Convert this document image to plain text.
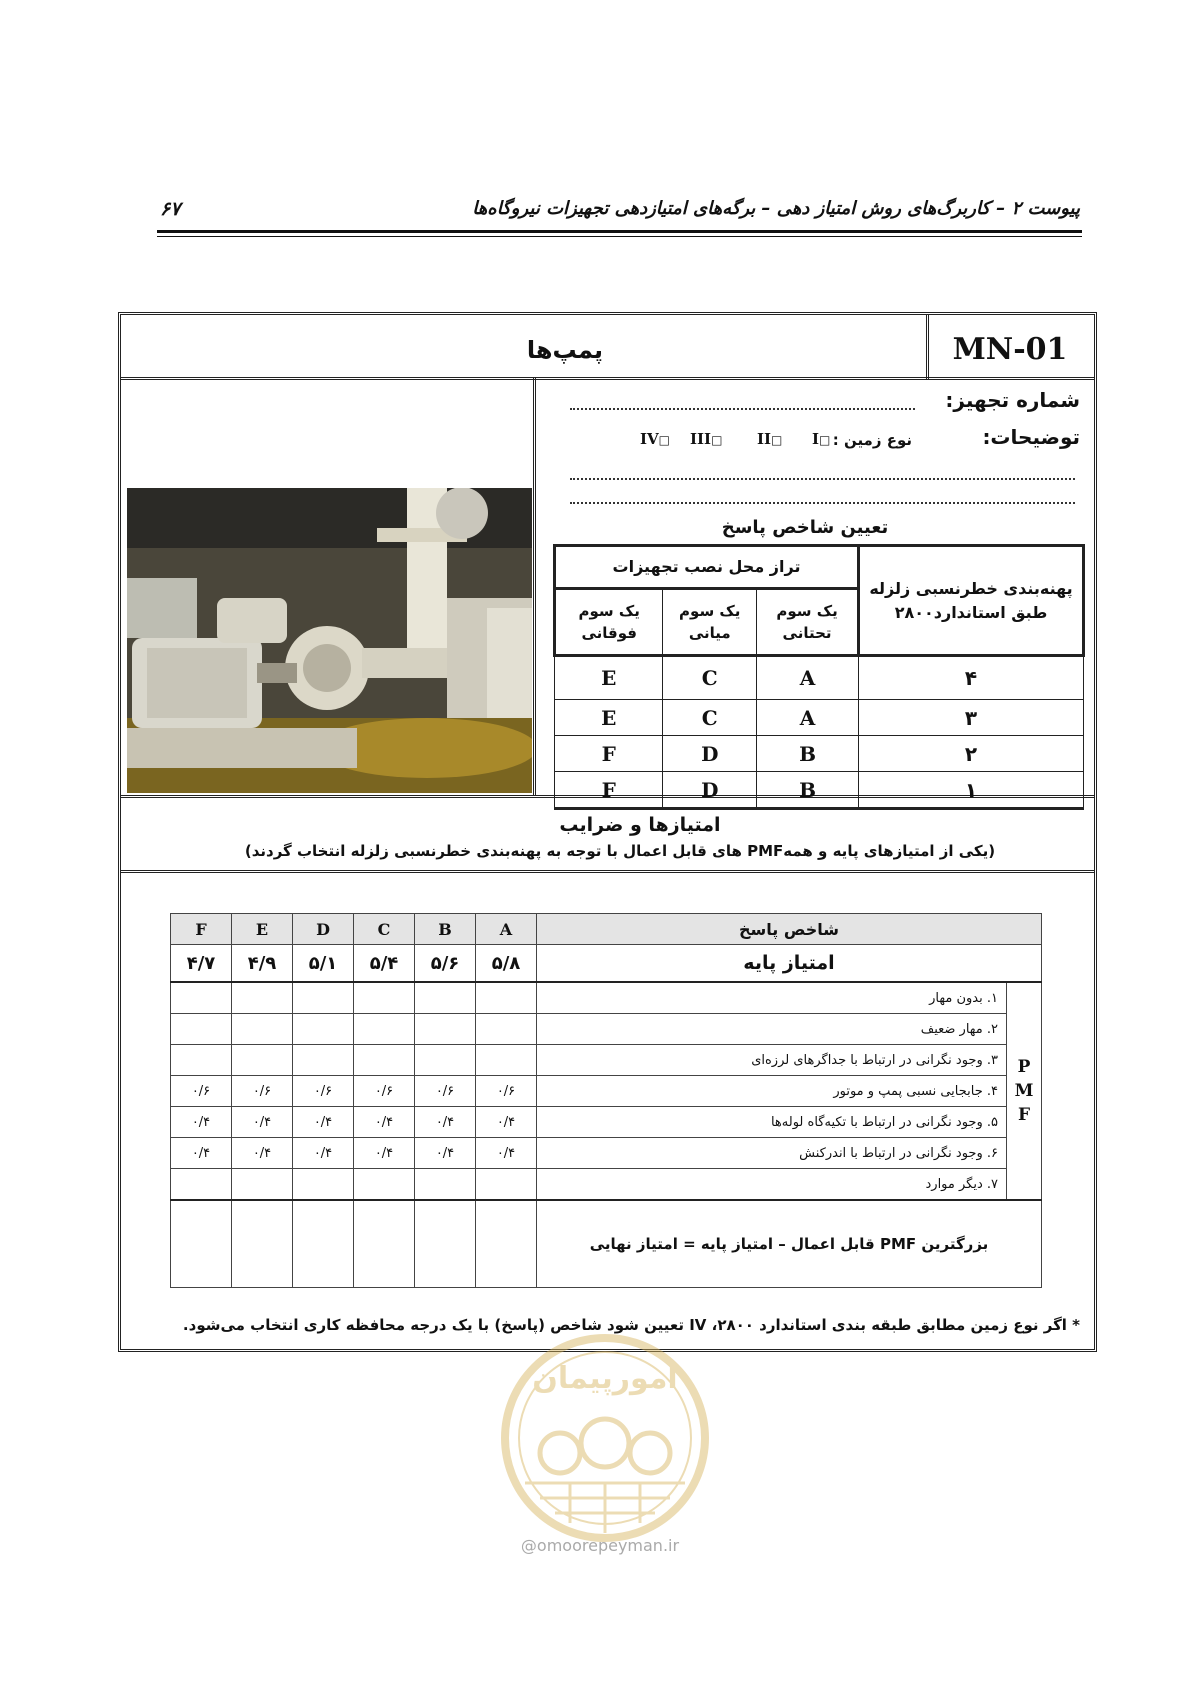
پیوست ۲ – کاربرگ‌های روش امتیاز دهی – برگه‌های امتیازدهی تجهیزات نیروگاه‌ها
۶۷
MN-01
پمپ‌ها
شماره تجهیز:
توضیحات:
نوع زمین :
I□
II□
III□
IV□
تعیین شاخص پاسخ
پهنه‌بندی خطرنسبی زلزله طبق استاندارد۲۸۰۰	تراز محل نصب تجهیزات		
	یک سوم تحتانی	یک سوم میانی	یک سوم فوقانی
۴	A	C	E
۳	A	C	E
۲	B	D	F
۱	B	D	F
امتیازها و ضرایب
(یکی از امتیازهای پایه و همهPMF های قابل اعمال با توجه به پهنه‌بندی خطرنسبی زلزله انتخاب گردند)
شاخص پاسخ		A	B	C	D	E	F
امتیاز پایه		۵/۸	۵/۶	۵/۴	۵/۱	۴/۹	۴/۷
P M F	۱. بدون مهار						
	۲. مهار ضعیف						
	۳. وجود نگرانی در ارتباط با جداگرهای لرزه‌ای						
	۴. جابجایی نسبی پمپ و موتور	۰/۶	۰/۶	۰/۶	۰/۶	۰/۶	۰/۶
	۵. وجود نگرانی در ارتباط با تکیه‌گاه لوله‌ها	۰/۴	۰/۴	۰/۴	۰/۴	۰/۴	۰/۴
	۶. وجود نگرانی در ارتباط با اندرکنش	۰/۴	۰/۴	۰/۴	۰/۴	۰/۴	۰/۴
	۷. دیگر موارد						
بزرگترین PMF قابل اعمال – امتیاز پایه = امتیاز نهایی							
* اگر نوع زمین مطابق طبقه بندی استاندارد ۲۸۰۰، IV تعیین شود شاخص (پاسخ) با یک درجه محافظه کاری انتخاب می‌شود.
امورپیمان
@omoorepeyman.ir
